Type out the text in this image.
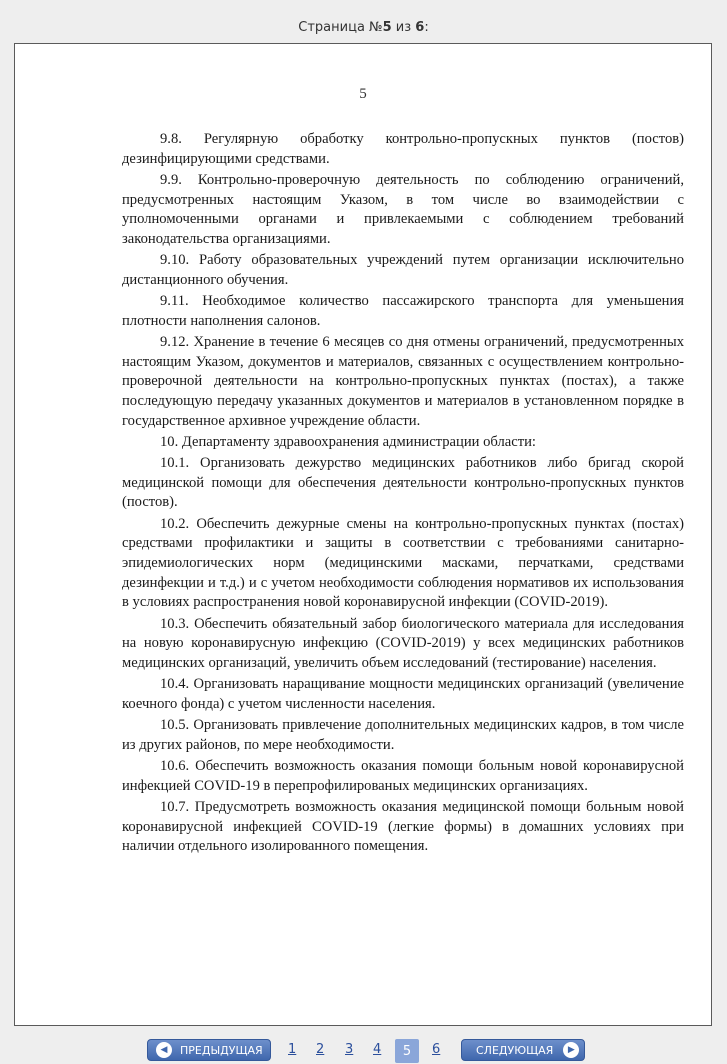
Страница №5 из 6:
5

9.8. Регулярную обработку контрольно-пропускных пунктов (постов) дезинфицирующими средствами.

9.9. Контрольно-проверочную деятельность по соблюдению ограничений, предусмотренных настоящим Указом, в том числе во взаимодействии с уполномоченными органами и привлекаемыми с соблюдением требований законодательства организациями.

9.10. Работу образовательных учреждений путем организации исключительно дистанционного обучения.

9.11. Необходимое количество пассажирского транспорта для уменьшения плотности наполнения салонов.

9.12. Хранение в течение 6 месяцев со дня отмены ограничений, предусмотренных настоящим Указом, документов и материалов, связанных с осуществлением контрольно-проверочной деятельности на контрольно-пропускных пунктах (постах), а также последующую передачу указанных документов и материалов в установленном порядке в государственное архивное учреждение области.

10. Департаменту здравоохранения администрации области:

10.1. Организовать дежурство медицинских работников либо бригад скорой медицинской помощи для обеспечения деятельности контрольно-пропускных пунктов (постов).

10.2. Обеспечить дежурные смены на контрольно-пропускных пунктах (постах) средствами профилактики и защиты в соответствии с требованиями санитарно-эпидемиологических норм (медицинскими масками, перчатками, средствами дезинфекции и т.д.) и с учетом необходимости соблюдения нормативов их использования в условиях распространения новой коронавирусной инфекции (COVID-2019).

10.3. Обеспечить обязательный забор биологического материала для исследования на новую коронавирусную инфекцию (COVID-2019) у всех медицинских работников медицинских организаций, увеличить объем исследований (тестирование) населения.

10.4. Организовать наращивание мощности медицинских организаций (увеличение коечного фонда) с учетом численности населения.

10.5. Организовать привлечение дополнительных медицинских кадров, в том числе из других районов, по мере необходимости.

10.6. Обеспечить возможность оказания помощи больным новой коронавирусной инфекцией COVID-19 в перепрофилированых медицинских организациях.

10.7. Предусмотреть возможность оказания медицинской помощи больным новой коронавирусной инфекцией COVID-19 (легкие формы) в домашних условиях при наличии отдельного изолированного помещения.

◀	ПРЕДЫДУЩАЯ 1 2 3 4	5	6	СЛЕДУЮЩАЯ	▶
